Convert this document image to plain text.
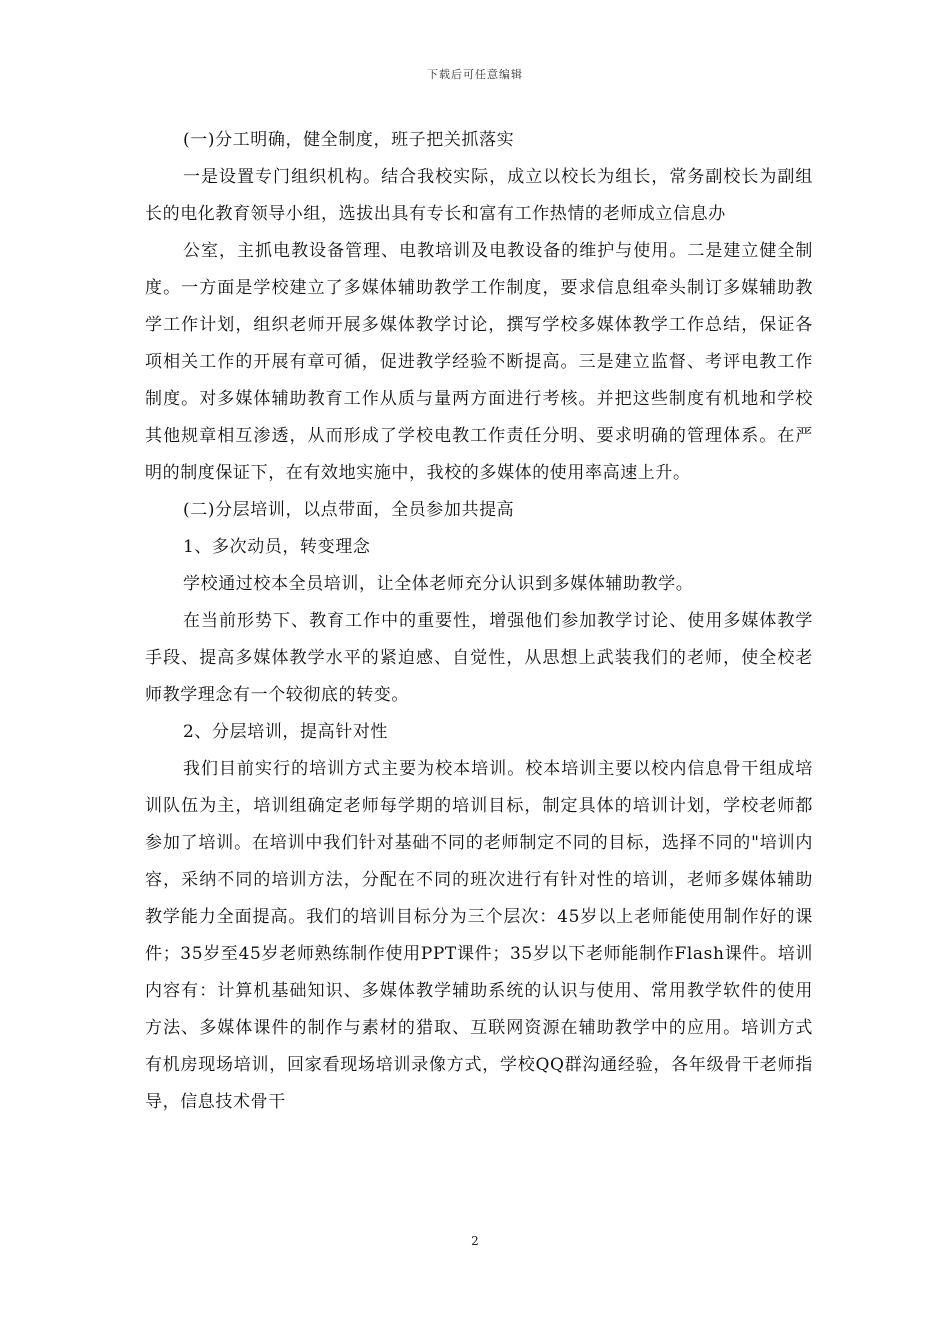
下载后可任意编辑

(一)分工明确，健全制度，班子把关抓落实

一是设置专门组织机构。结合我校实际，成立以校长为组长，常务副校长为副组长的电化教育领导小组，选拔出具有专长和富有工作热情的老师成立信息办

公室，主抓电教设备管理、电教培训及电教设备的维护与使用。二是建立健全制度。一方面是学校建立了多媒体辅助教学工作制度，要求信息组牵头制订多媒辅助教学工作计划，组织老师开展多媒体教学讨论，撰写学校多媒体教学工作总结，保证各项相关工作的开展有章可循，促进教学经验不断提高。三是建立监督、考评电教工作制度。对多媒体辅助教育工作从质与量两方面进行考核。并把这些制度有机地和学校其他规章相互渗透，从而形成了学校电教工作责任分明、要求明确的管理体系。在严明的制度保证下，在有效地实施中，我校的多媒体的使用率高速上升。

(二)分层培训，以点带面，全员参加共提高

1、多次动员，转变理念

学校通过校本全员培训，让全体老师充分认识到多媒体辅助教学。

在当前形势下、教育工作中的重要性，增强他们参加教学讨论、使用多媒体教学手段、提高多媒体教学水平的紧迫感、自觉性，从思想上武装我们的老师，使全校老师教学理念有一个较彻底的转变。

2、分层培训，提高针对性

我们目前实行的培训方式主要为校本培训。校本培训主要以校内信息骨干组成培训队伍为主，培训组确定老师每学期的培训目标，制定具体的培训计划，学校老师都参加了培训。在培训中我们针对基础不同的老师制定不同的目标，选择不同的"培训内容，采纳不同的培训方法，分配在不同的班次进行有针对性的培训，老师多媒体辅助教学能力全面提高。我们的培训目标分为三个层次：45岁以上老师能使用制作好的课件；35岁至45岁老师熟练制作使用PPT课件；35岁以下老师能制作Flash课件。培训内容有：计算机基础知识、多媒体教学辅助系统的认识与使用、常用教学软件的使用方法、多媒体课件的制作与素材的猎取、互联网资源在辅助教学中的应用。培训方式有机房现场培训，回家看现场培训录像方式，学校QQ群沟通经验，各年级骨干老师指导，信息技术骨干

2
